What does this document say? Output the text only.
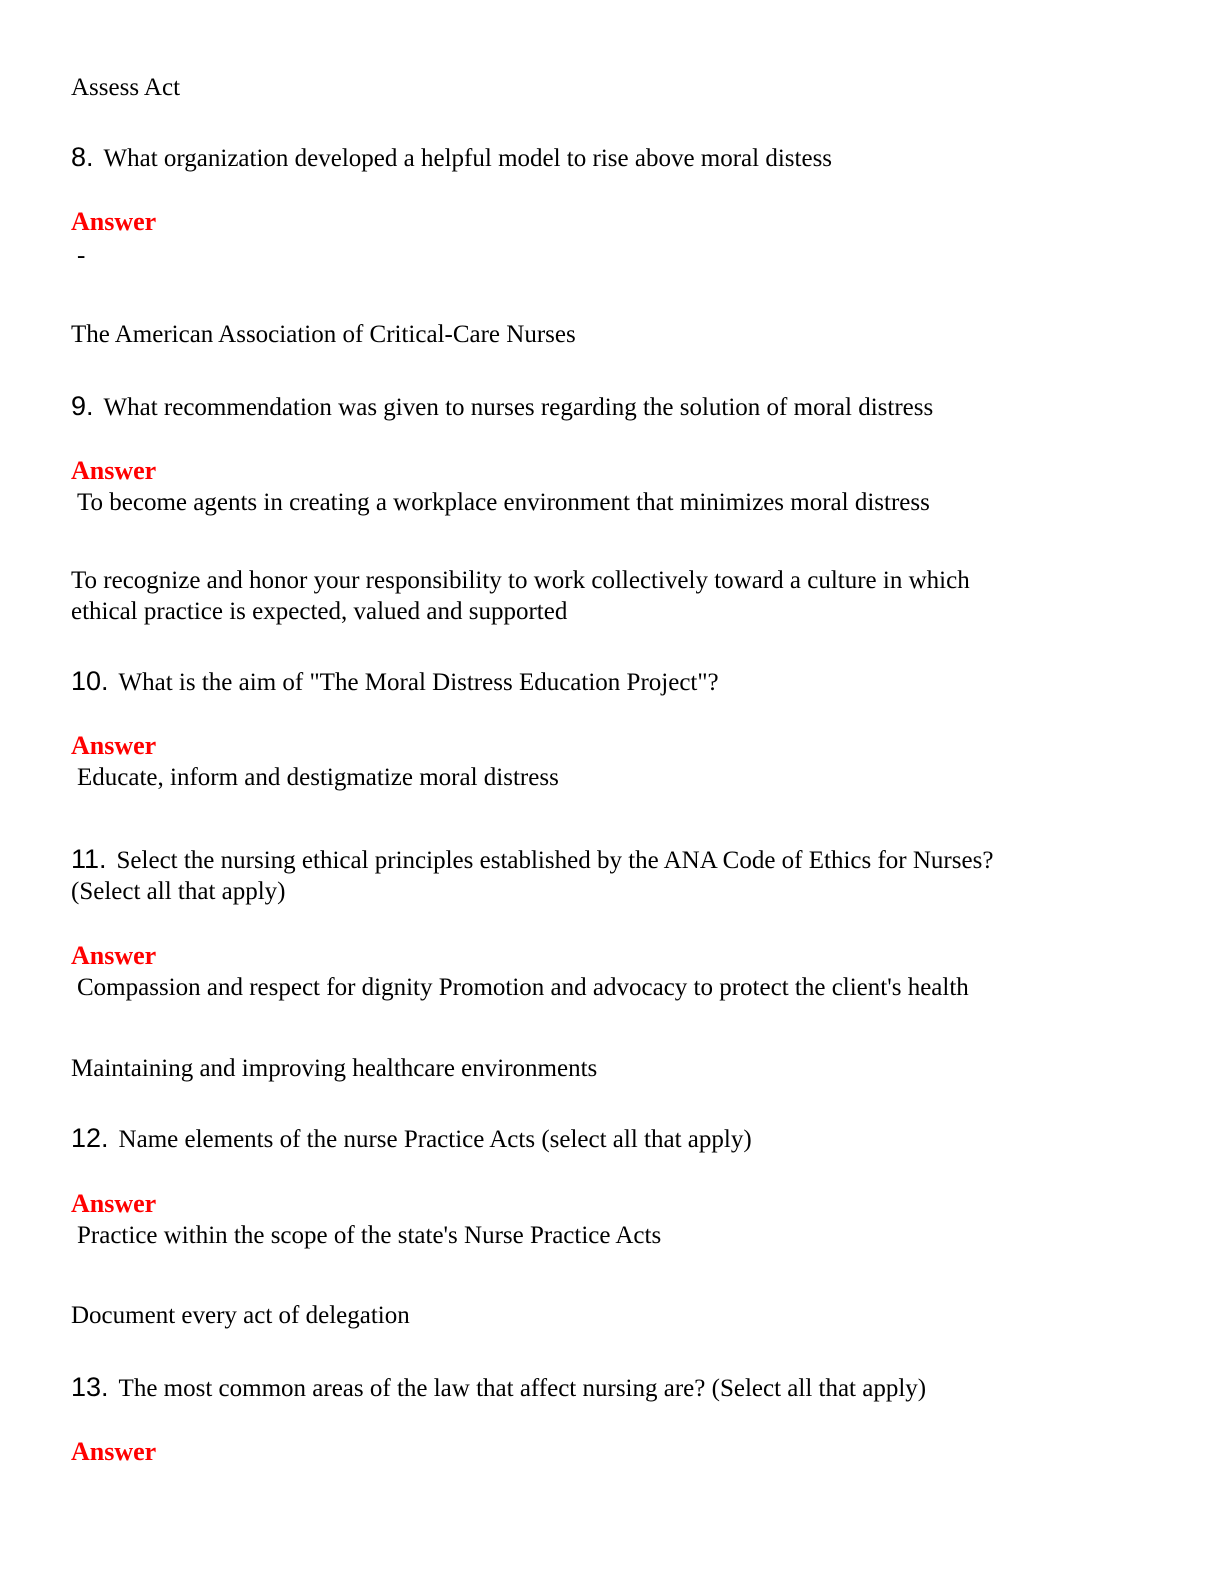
Assess Act

8. What organization developed a helpful model to rise above moral distess

Answer

-

The American Association of Critical-Care Nurses

9. What recommendation was given to nurses regarding the solution of moral distress

Answer

To become agents in creating a workplace environment that minimizes moral distress

To recognize and honor your responsibility to work collectively toward a culture in which

ethical practice is expected, valued and supported

10. What is the aim of "The Moral Distress Education Project"?

Answer

Educate, inform and destigmatize moral distress

11. Select the nursing ethical principles established by the ANA Code of Ethics for Nurses?

(Select all that apply)

Answer

Compassion and respect for dignity Promotion and advocacy to protect the client's health

Maintaining and improving healthcare environments

12. Name elements of the nurse Practice Acts (select all that apply)

Answer

Practice within the scope of the state's Nurse Practice Acts

Document every act of delegation

13. The most common areas of the law that affect nursing are? (Select all that apply)

Answer
